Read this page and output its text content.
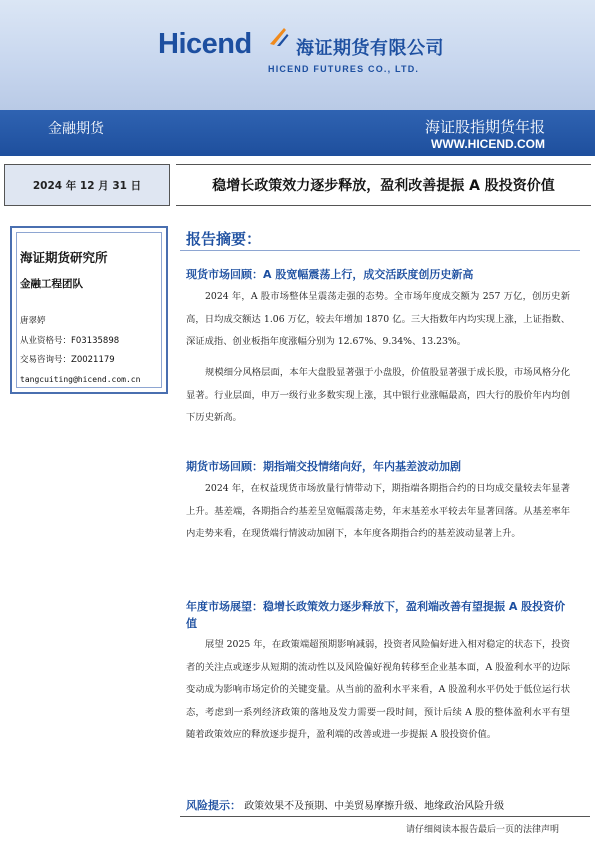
Hicend 海证期货有限公司
HICEND FUTURES CO., LTD.
金融期货	海证股指期货年报
WWW.HICEND.COM
2024 年 12 月 31 日	稳增长政策效力逐步释放，盈利改善提振 A 股投资价值
海证期货研究所
金融工程团队
唐翠婷
从业资格号：F03135898
交易咨询号：Z0021179
tangcuiting@hicend.com.cn
报告摘要：
现货市场回顾：A 股宽幅震荡上行，成交活跃度创历史新高

2024 年，A 股市场整体呈震荡走强的态势。全市场年度成交额为 257 万亿，创历史新高，日均成交额达 1.06 万亿，较去年增加 1870 亿。三大指数年内均实现上涨，上证指数、深证成指、创业板指年度涨幅分别为 12.67%、9.34%、13.23%。

规模细分风格层面，本年大盘股显著强于小盘股，价值股显著强于成长股，市场风格分化显著。行业层面，申万一级行业多数实现上涨，其中银行业涨幅最高，四大行的股价年内均创下历史新高。

期货市场回顾：期指端交投情绪向好，年内基差波动加剧

2024 年，在权益现货市场放量行情带动下，期指端各期指合约的日均成交量较去年显著上升。基差端，各期指合约基差呈宽幅震荡走势，年末基差水平较去年显著回落。从基差率年内走势来看，在现货端行情波动加剧下，本年度各期指合约的基差波动显著上升。

年度市场展望：稳增长政策效力逐步释放下，盈利端改善有望提振 A 股投资价值

展望 2025 年，在政策端超预期影响减弱，投资者风险偏好进入相对稳定的状态下，投资者的关注点或逐步从短期的流动性以及风险偏好视角转移至企业基本面，A 股盈利水平的边际变动成为影响市场定价的关键变量。从当前的盈利水平来看，A 股盈利水平仍处于低位运行状态，考虑到一系列经济政策的落地及发力需要一段时间，预计后续 A 股的整体盈利水平有望随着政策效应的释放逐步提升，盈利端的改善或进一步提振 A 股投资价值。

风险提示： 政策效果不及预期、中美贸易摩擦升级、地缘政治风险升级
请仔细阅读本报告最后一页的法律声明
